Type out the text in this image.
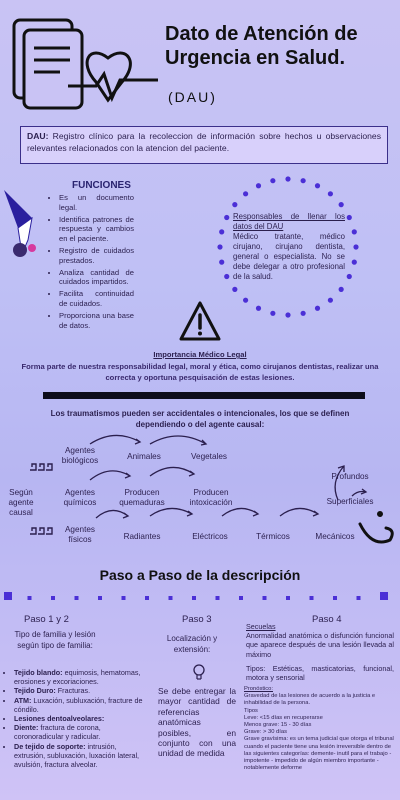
Dato de Atención de Urgencia en Salud.
(DAU)
DAU: Registro clínico para la recoleccion de información sobre hechos u observaciones relevantes relacionados con la atencion del paciente.
FUNCIONES
• Es un documento legal.
• Identifica patrones de respuesta y cambios en el paciente.
• Registro de cuidados prestados.
• Analiza cantidad de cuidados impartidos.
• Facilita continuidad de cuidados.
• Proporciona una base de datos.
Responsables de llenar los datos del DAU
Médico tratante, médico cirujano, cirujano dentista, general o especialista. No se debe delegar a otro profesional de la salud.
Importancia Médico Legal
Forma parte de nuestra responsabilidad legal, moral y ética, como cirujanos dentistas, realizar una correcta y oportuna pesquisación de estas lesiones.
Los traumatismos pueden ser accidentales o intencionales, los que se definen dependiendo o del agente causal:
Agentes biológicos	Animales	Vegetales
Según agente causal
Agentes químicos
Producen quemaduras
Producen intoxicación
Profundos
Superficiales
Agentes físicos	Radiantes	Eléctricos	Térmicos	Mecánicos
Paso a Paso de la descripción
Paso 1 y 2
Tipo de familia y lesión según tipo de familia:
• Tejido blando: equimosis, hematomas, erosiones y excoriaciones.
• Tejido Duro: Fracturas.
• ATM: Luxación, subluxación, fracture de cóndilo.
• Lesiones dentoalveolares:
• Diente: fractura de corona, coronoradicular y radicular.
• De tejido de soporte: intrusión, extrusión, subluxación, luxación lateral, avulsión, fractura alveolar.
Paso 3
Localización y extensión:
Se debe entregar la mayor cantidad de referencias anatómicas posibles, en conjunto con una unidad de medida
Paso 4
Secuelas
Anormalidad anatómica o disfunción funcional que aparece después de una lesión llevada al máximo
Tipos: Estéticas, masticatorias, funcional, motora y sensorial
Pronóstico:
Gravedad de las lesiones de acuerdo a la justicia e inhabilidad de la persona.
Tipos
Leve: <15 días en recuperarse
Menos grave: 15 - 30 días
Grave: > 30 días
Grave gravísima: es un tema judicial que otorga el tribunal cuando el paciente tiene una lesión irreversible dentro de las siguientes categorías: demente- inutil para el trabajo - impotente - impedido de algún miembro importante - notablemente deforme
